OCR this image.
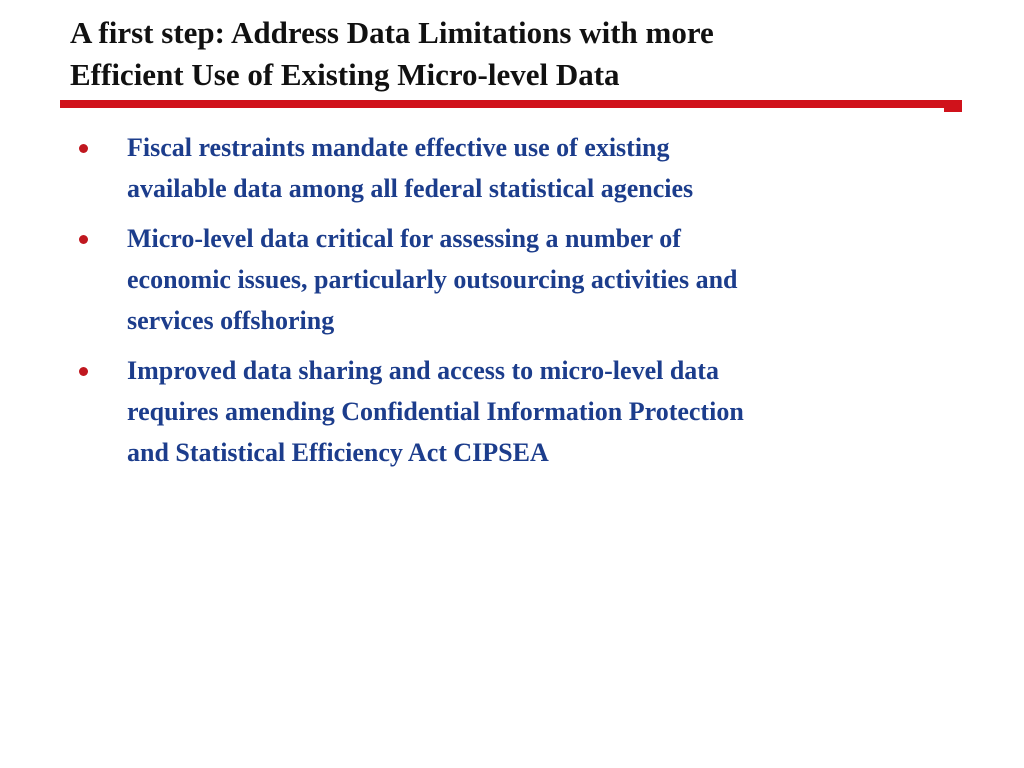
A first step: Address Data Limitations with more
Efficient Use of Existing Micro-level Data
Fiscal restraints mandate effective use of existing
available data among all federal statistical agencies
Micro-level data critical for assessing a number of
economic issues, particularly outsourcing activities and
services offshoring
Improved data sharing and access to micro-level data
requires amending Confidential Information Protection
and Statistical Efficiency Act CIPSEA
